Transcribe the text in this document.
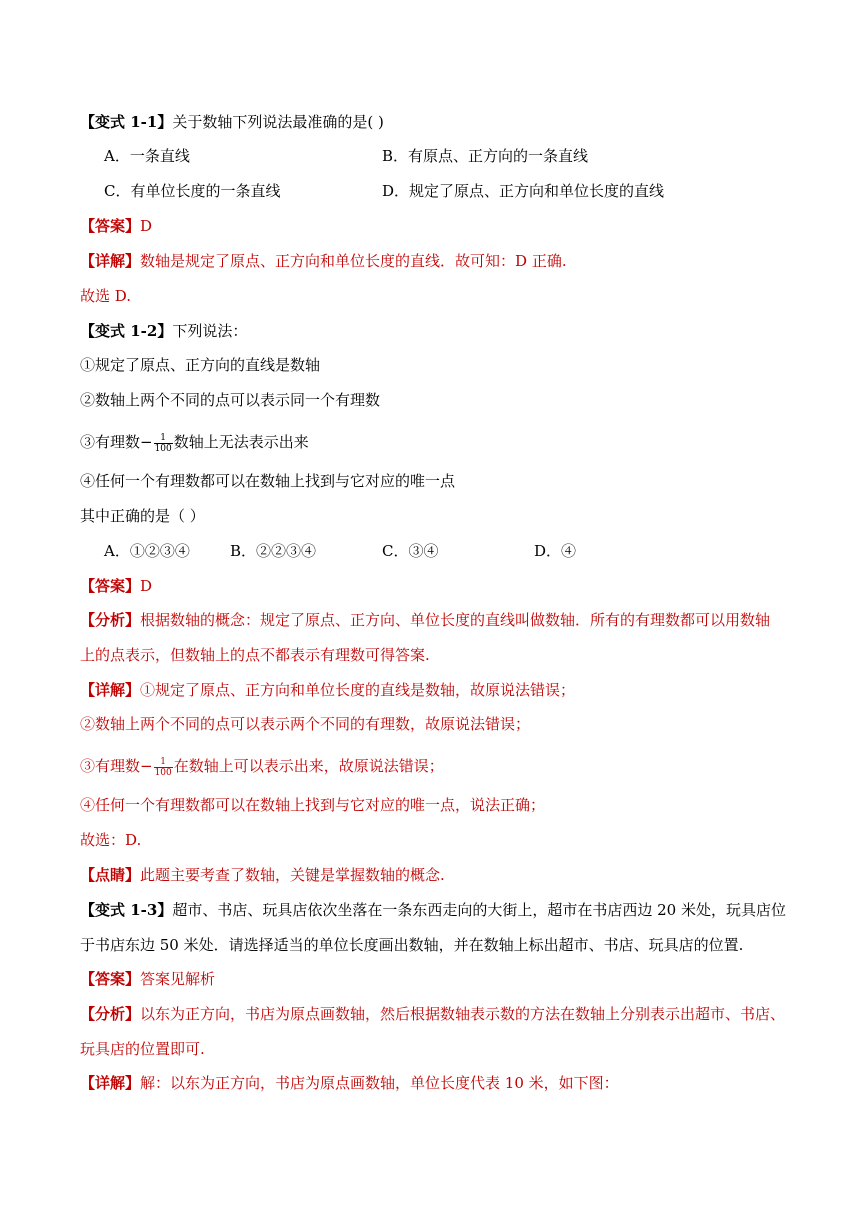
【变式 1-1】关于数轴下列说法最准确的是( )
A．一条直线	B．有原点、正方向的一条直线
C．有单位长度的一条直线	D．规定了原点、正方向和单位长度的直线
【答案】D
【详解】数轴是规定了原点、正方向和单位长度的直线．故可知：D 正确.
故选 D.
【变式 1-2】下列说法：
①规定了原点、正方向的直线是数轴
②数轴上两个不同的点可以表示同一个有理数
③有理数− $\frac{1}{100}$ 数轴上无法表示出来
④任何一个有理数都可以在数轴上找到与它对应的唯一点
其中正确的是（ ）
A．①②③④	B．②②③④	C．③④	D．④
【答案】D
【分析】根据数轴的概念：规定了原点、正方向、单位长度的直线叫做数轴．所有的有理数都可以用数轴
上的点表示，但数轴上的点不都表示有理数可得答案.
【详解】①规定了原点、正方向和单位长度的直线是数轴，故原说法错误；
②数轴上两个不同的点可以表示两个不同的有理数，故原说法错误；
③有理数− $\frac{1}{100}$ 在数轴上可以表示出来，故原说法错误；
④任何一个有理数都可以在数轴上找到与它对应的唯一点，说法正确；
故选：D.
【点睛】此题主要考查了数轴，关键是掌握数轴的概念.
【变式 1-3】超市、书店、玩具店依次坐落在一条东西走向的大街上，超市在书店西边 20 米处，玩具店位
于书店东边 50 米处．请选择适当的单位长度画出数轴，并在数轴上标出超市、书店、玩具店的位置.
【答案】答案见解析
【分析】以东为正方向，书店为原点画数轴，然后根据数轴表示数的方法在数轴上分别表示出超市、书店、
玩具店的位置即可.
【详解】解：以东为正方向，书店为原点画数轴，单位长度代表 10 米，如下图：
